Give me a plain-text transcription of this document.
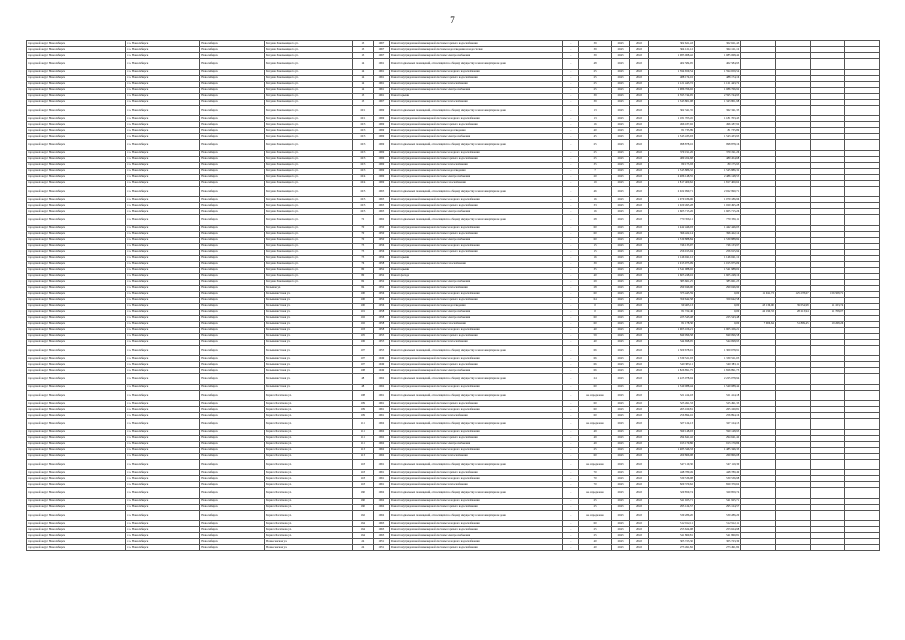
7
городской округ Новосибирск	г.о. Новосибирск	Новосибирск	Богдана Хмельницкого ул.	13	1967	Ремонт внутридомовой инженерной системы горячего водоснабжения	-	39	2043	2043	302 621,43	302 621,43				
городской округ Новосибирск	г.о. Новосибирск	Новосибирск	Богдана Хмельницкого ул.	13	1967	Ремонт внутридомовой инженерной системы водоотведения и водосточки	-	39	2043	2043	364 121,12	364 121,12				
городской округ Новосибирск	г.о. Новосибирск	Новосибирск	Богдана Хмельницкого ул.	13	1967	Ремонт внутридомовой инженерной системы электроснабжения	-	39	2043	2043	1 085 068,42	1 085 068,42				
городской округ Новосибирск	г.о. Новосибирск	Новосибирск	Богдана Хмельницкого ул.	14	1961	Ремонт подвальных помещений, относящихся к общему имуществу в многоквартирном доме	-	48	2043	2043	402 584,95	402 584,95				
городской округ Новосибирск	г.о. Новосибирск	Новосибирск	Богдана Хмельницкого ул.	14	1961	Ремонт внутридомовой инженерной системы холодного водоснабжения	-	25	2043	2043	1 594 659,54	1 594 659,54				
городской округ Новосибирск	г.о. Новосибирск	Новосибирск	Богдана Хмельницкого ул.	14	1961	Ремонт внутридомовой инженерной системы горячего водоснабжения	-	25	2043	2043	488 174,16	488 174,16				
городской округ Новосибирск	г.о. Новосибирск	Новосибирск	Богдана Хмельницкого ул.	14	1961	Ремонт внутридомовой инженерной системы теплоснабжения	-	25	2043	2043	1 121 443,72	1 121 443,72				
городской округ Новосибирск	г.о. Новосибирск	Новосибирск	Богдана Хмельницкого ул.	14	1961	Ремонт внутридомовой инженерной системы электроснабжения	-	25	2043	2043	1 086 766,92	1 086 766,92				
городской округ Новосибирск	г.о. Новосибирск	Новосибирск	Богдана Хмельницкого ул.	15	1961	Ремонт крыши	-	39	2043	2043	2 595 744,95	2 595 744,95				
городской округ Новосибирск	г.о. Новосибирск	Новосибирск	Богдана Хмельницкого ул.	15	1967	Ремонт внутридомовой инженерной системы теплоснабжения	-	39	2043	2043	1 343 801,98	1 343 801,98				
городской округ Новосибирск	г.о. Новосибирск	Новосибирск	Богдана Хмельницкого ул.	16/1	1969	Ремонт подвальных помещений, относящихся к общему имуществу в многоквартирном доме	-	13	2043	2043	362 341,35	362 341,35				
городской округ Новосибирск	г.о. Новосибирск	Новосибирск	Богдана Хмельницкого ул.	16/1	1969	Ремонт внутридомовой инженерной системы холодного водоснабжения	-	13	2043	2043	1 181 703,45	1 181 703,45				
городской округ Новосибирск	г.о. Новосибирск	Новосибирск	Богдана Хмельницкого ул.	16/3	1969	Ремонт внутридомовой инженерной системы горячего водоснабжения	-	16	2043	2043	496 187,92	496 187,92				
городской округ Новосибирск	г.о. Новосибирск	Новосибирск	Богдана Хмельницкого ул.	16/3	1969	Ремонт внутридомовой инженерной системы водоотведения	-	40	2043	2043	81 735,89	81 735,89				
городской округ Новосибирск	г.о. Новосибирск	Новосибирск	Богдана Хмельницкого ул.	16/3	1969	Ремонт внутридомовой инженерной системы электроснабжения	-	45	2043	2043	1 543 433,93	1 543 433,93				
городской округ Новосибирск	г.о. Новосибирск	Новосибирск	Богдана Хмельницкого ул.	16/3	1969	Ремонт подвальных помещений, относящихся к общему имуществу в многоквартирном доме	-	25	2043	2043	998 878,16	998 878,16				
городской округ Новосибирск	г.о. Новосибирск	Новосибирск	Богдана Хмельницкого ул.	16/3	1969	Ремонт внутридомовой инженерной системы холодного водоснабжения	-	25	2043	2043	379 191,26	379 191,26				
городской округ Новосибирск	г.о. Новосибирск	Новосибирск	Богдана Хмельницкого ул.	16/3	1969	Ремонт внутридомовой инженерной системы горячего водоснабжения	-	25	2043	2043	489 454,68	489 454,68				
городской округ Новосибирск	г.о. Новосибирск	Новосибирск	Богдана Хмельницкого ул.	16/3	1969	Ремонт внутридомовой инженерной системы теплоснабжения	-	35	2043	2043	80 175,93	80 175,93				
городской округ Новосибирск	г.о. Новосибирск	Новосибирск	Богдана Хмельницкого ул.	16/3	1969	Ремонт внутридомовой инженерной системы водоотведения	-	7	2043	2043	1 545 886,32	1 545 886,32				
городской округ Новосибирск	г.о. Новосибирск	Новосибирск	Богдана Хмельницкого ул.	16/4	1969	Ремонт внутридомовой инженерной системы электроснабжения	-	20	2043	2043	2 486 148,55	2 486 148,55				
городской округ Новосибирск	г.о. Новосибирск	Новосибирск	Богдана Хмельницкого ул.	16/4	1969	Ремонт внутридомовой инженерной системы газоснабжения	-	19	2043	2043	1 817 400,62	1 817 400,62				
городской округ Новосибирск	г.о. Новосибирск	Новосибирск	Богдана Хмельницкого ул.	16/5	1965	Ремонт подвальных помещений, относящихся к общему имуществу в многоквартирном доме	-	46	2043	2043	2 022 990,71	2 022 990,71				
городской округ Новосибирск	г.о. Новосибирск	Новосибирск	Богдана Хмельницкого ул.	16/5	1965	Ремонт внутридомовой инженерной системы холодного водоснабжения	-	16	2043	2043	1 079 186,96	1 079 186,96				
городской округ Новосибирск	г.о. Новосибирск	Новосибирск	Богдана Хмельницкого ул.	16/5	1965	Ремонт внутридомовой инженерной системы горячего водоснабжения	-	33	2043	2043	1 020 495,28	1 020 495,28				
городской округ Новосибирск	г.о. Новосибирск	Новосибирск	Богдана Хмельницкого ул.	16/5	1965	Ремонт внутридомовой инженерной системы электроснабжения	-	16	2043	2043	1 605 715,26	1 605 715,26				
городской округ Новосибирск	г.о. Новосибирск	Новосибирск	Богдана Хмельницкого ул.	72	1962	Ремонт подвальных помещений, относящихся к общему имуществу в многоквартирном доме	-	28	2043	2043	770 356,11	770 356,11				
городской округ Новосибирск	г.о. Новосибирск	Новосибирск	Богдана Хмельницкого ул.	70	1950	Ремонт внутридомовой инженерной системы холодного водоснабжения	-	60	2043	2043	1 442 446,03	1 442 446,03				
городской округ Новосибирск	г.о. Новосибирск	Новосибирск	Богдана Хмельницкого ул.	70	1950	Ремонт внутридомовой инженерной системы горячего водоснабжения	-	60	2043	2043	396 422,14	396 422,14				
городской округ Новосибирск	г.о. Новосибирск	Новосибирск	Богдана Хмельницкого ул.	70	1950	Ремонт внутридомовой инженерной системы электроснабжения	-	60	2043	2043	1 539 888,84	1 539 888,84				
городской округ Новосибирск	г.о. Новосибирск	Новосибирск	Богдана Хмельницкого ул.	75	1956	Ремонт внутридомовой инженерной системы холодного водоснабжения	-	15	2043	2043	746 133,97	746 133,97				
городской округ Новосибирск	г.о. Новосибирск	Новосибирск	Богдана Хмельницкого ул.	75	1956	Ремонт внутридомовой инженерной системы горячего водоснабжения	-	15	2043	2043	256 915,94	256 915,94				
городской округ Новосибирск	г.о. Новосибирск	Новосибирск	Богдана Хмельницкого ул.	75	1956	Ремонт крыши	-	16	2043	2043	1 146 041,12	1 146 041,12				
городской округ Новосибирск	г.о. Новосибирск	Новосибирск	Богдана Хмельницкого ул.	76	1958	Ремонт внутридомовой инженерной системы газоснабжения	-	39	2043	2043	1 015 975,09	1 015 975,09				
городской округ Новосибирск	г.о. Новосибирск	Новосибирск	Богдана Хмельницкого ул.	80	1952	Ремонт крыши	-	35	2043	2043	1 541 988,02	1 541 988,02				
городской округ Новосибирск	г.о. Новосибирск	Новосибирск	Богдана Хмельницкого ул.	80	1952	Ремонт фасада	-	40	2043	2043	1 605 248,16	1 605 248,16				
городской округ Новосибирск	г.о. Новосибирск	Новосибирск	Богдана Хмельницкого ул.	82	1952	Ремонт внутридомовой инженерной системы электроснабжения	-	29	2043	2043	385 661,25	385 661,25				
городской округ Новосибирск	г.о. Новосибирск	Новосибирск	Большая ул.	84	1952	Ремонт внутридомовой инженерной системы теплоснабжения	-	28	2043	2043	299 046,90	299 046,90				
городской округ Новосибирск	г.о. Новосибирск	Новосибирск	Большевистская ул.	100	1956	Ремонт внутридомовой инженерной системы холодного водоснабжения	-	60	2043	2043	373 445,59	0,00	11 941,73	125 278,67	156 508,71	
городской округ Новосибирск	г.о. Новосибирск	Новосибирск	Большевистская ул.	100	1956	Ремонт внутридомовой инженерной системы горячего водоснабжения	-	64	2043	2043	359 642,58	359 642,58				
городской округ Новосибирск	г.о. Новосибирск	Новосибирск	Большевистская ул.	100	1956	Ремонт внутридомовой инженерной системы водоотведения	-	0	2043	2043	90 465,13	0,00	45 136,00	39 054,98	11 103,74	
городской округ Новосибирск	г.о. Новосибирск	Новосибирск	Большевистская ул.	101	1958	Ремонт внутридомовой инженерной системы электроснабжения	-	0	2043	2043	81 722,46	0,00	42 190,33	28 213,94	11 708,07	
городской округ Новосибирск	г.о. Новосибирск	Новосибирск	Большевистская ул.	102	1958	Ремонт внутридомовой инженерной системы электроснабжения	-	60	2043	2043	225 543,48	225 543,48				
городской округ Новосибирск	г.о. Новосибирск	Новосибирск	Большевистская ул.	102	1958	Ремонт внутридомовой инженерной системы газоснабжения	-	60	2043	2043	81 178,50	0,00	7 906,64	51 899,45	19 268,26	
городской округ Новосибирск	г.о. Новосибирск	Новосибирск	Большевистская ул.	103	1958	Ремонт внутридомовой инженерной системы холодного водоснабжения	-	40	2043	2043	1 905 106,21	1 905 106,21				
городской округ Новосибирск	г.о. Новосибирск	Новосибирск	Большевистская ул.	105	1955	Ремонт внутридомовой инженерной системы горячего водоснабжения	-	59	2043	2043	849 096,58	849 096,58				
городской округ Новосибирск	г.о. Новосибирск	Новосибирск	Большевистская ул.	106	1955	Ремонт внутридомовой инженерной системы теплоснабжения	-	40	2043	2043	544 698,95	544 698,95				
городской округ Новосибирск	г.о. Новосибирск	Новосибирск	Большевистская ул.	107	1955	Ремонт подвальных помещений, относящихся к общему имуществу в многоквартирном доме	-	66	2043	2043	1 309 678,91	1 309 678,91				
городской округ Новосибирск	г.о. Новосибирск	Новосибирск	Большевистская ул.	107	1949	Ремонт внутридомовой инженерной системы холодного водоснабжения	-	66	2043	2043	1 339 521,03	1 339 521,03				
городской округ Новосибирск	г.о. Новосибирск	Новосибирск	Большевистская ул.	107	1949	Ремонт внутридомовой инженерной системы горячего водоснабжения	-	66	2043	2043	540 383,11	540 383,11				
городской округ Новосибирск	г.о. Новосибирск	Новосибирск	Большевистская ул.	108	1949	Ремонт внутридомовой инженерной системы электроснабжения	-	66	2043	2043	1 826 891,75	1 826 891,75				
городской округ Новосибирск	г.о. Новосибирск	Новосибирск	Большевистская ул.	48	1962	Ремонт подвальных помещений, относящихся к общему имуществу в многоквартирном доме	-	24	2043	2043	2 225 078,94	2 225 078,94				
городской округ Новосибирск	г.о. Новосибирск	Новосибирск	Большевистская ул.	48	1962	Ремонт внутридомовой инженерной системы холодного водоснабжения	-	60	2043	2043	1 540 088,44	1 540 088,44				
городской округ Новосибирск	г.о. Новосибирск	Новосибирск	Бориса Богаткова ул.	108	1961	Ремонт подвальных помещений, относящихся к общему имуществу в многоквартирном доме	-	не определено	2043	2043	521 414,18	521 414,18				
городской округ Новосибирск	г.о. Новосибирск	Новосибирск	Бориса Богаткова ул.	109	1961	Ремонт внутридомовой инженерной системы горячего водоснабжения	-	60	2043	2043	525 491,33	525 491,33				
городской округ Новосибирск	г.о. Новосибирск	Новосибирск	Бориса Богаткова ул.	109	1961	Ремонт внутридомовой инженерной системы холодного водоснабжения	-	60	2043	2043	265 160,81	265 160,81				
городской округ Новосибирск	г.о. Новосибирск	Новосибирск	Бориса Богаткова ул.	109	1961	Ремонт внутридомовой инженерной системы теплоснабжения	-	60	2043	2043	256 894,16	256 894,16				
городской округ Новосибирск	г.о. Новосибирск	Новосибирск	Бориса Богаткова ул.	111	1962	Ремонт подвальных помещений, относящихся к общему имуществу в многоквартирном доме	-	не определено	2043	2043	327 124,13	327 124,13				
городской округ Новосибирск	г.о. Новосибирск	Новосибирск	Бориса Богаткова ул.	111	1962	Ремонт внутридомовой инженерной системы холодного водоснабжения	-	49	2043	2043	599 148,93	599 148,93				
городской округ Новосибирск	г.о. Новосибирск	Новосибирск	Бориса Богаткова ул.	111	1962	Ремонт внутридомовой инженерной системы горячего водоснабжения	-	49	2043	2043	294 641,42	294 641,42				
городской округ Новосибирск	г.о. Новосибирск	Новосибирск	Бориса Богаткова ул.	111	1962	Ремонт внутридомовой инженерной системы электроснабжения	-	49	2043	2043	913 179,86	913 179,86				
городской округ Новосибирск	г.о. Новосибирск	Новосибирск	Бориса Богаткова ул.	113	1962	Ремонт внутридомовой инженерной системы холодного водоснабжения	-	25	2043	2043	1 485 346,33	1 485 346,33				
городской округ Новосибирск	г.о. Новосибирск	Новосибирск	Бориса Богаткова ул.	113	1962	Ремонт внутридомовой инженерной системы теплоснабжения	-	60	2043	2043	269 866,08	269 866,08				
городской округ Новосибирск	г.о. Новосибирск	Новосибирск	Бориса Богаткова ул.	118	1961	Ремонт подвальных помещений, относящихся к общему имуществу в многоквартирном доме	-	не определено	2043	2043	547 119,30	547 119,30				
городской округ Новосибирск	г.о. Новосибирск	Новосибирск	Бориса Богаткова ул.	118	1961	Ремонт внутридомовой инженерной системы горячего водоснабжения	-	70	2043	2043	448 780,49	448 780,49				
городской округ Новосибирск	г.о. Новосибирск	Новосибирск	Бориса Богаткова ул.	118	1961	Ремонт внутридомовой инженерной системы холодного водоснабжения	-	70	2043	2043	530 536,98	530 536,98				
городской округ Новосибирск	г.о. Новосибирск	Новосибирск	Бориса Богаткова ул.	118	1961	Ремонт внутридомовой инженерной системы теплоснабжения	-	70	2043	2043	829 370,62	829 370,62				
городской округ Новосибирск	г.о. Новосибирск	Новосибирск	Бориса Богаткова ул.	160	1962	Ремонт подвальных помещений, относящихся к общему имуществу в многоквартирном доме	-	не определено	2043	2043	329 859,74	329 859,74				
городской округ Новосибирск	г.о. Новосибирск	Новосибирск	Бориса Богаткова ул.	160	1962	Ремонт внутридомовой инженерной системы холодного водоснабжения	-	25	2043	2043	541 925,71	541 925,71				
городской округ Новосибирск	г.о. Новосибирск	Новосибирск	Бориса Богаткова ул.	160	1962	Ремонт внутридомовой инженерной системы горячего водоснабжения	-	25	2043	2043	295 124,57	295 124,57				
городской округ Новосибирск	г.о. Новосибирск	Новосибирск	Бориса Богаткова ул.	162	1962	Ремонт подвальных помещений, относящихся к общему имуществу в многоквартирном доме	-	не определено	2043	2043	539 286,20	539 286,20				
городской округ Новосибирск	г.о. Новосибирск	Новосибирск	Бориса Богаткова ул.	164	1963	Ремонт внутридомовой инженерной системы холодного водоснабжения	-	60	2043	2043	512 912,11	512 912,11				
городской округ Новосибирск	г.о. Новосибирск	Новосибирск	Бориса Богаткова ул.	164	1963	Ремонт внутридомовой инженерной системы горячего водоснабжения	-	25	2043	2043	253 624,98	253 624,98				
городской округ Новосибирск	г.о. Новосибирск	Новосибирск	Бориса Богаткова ул.	164	1963	Ремонт внутридомовой инженерной системы электроснабжения	-	25	2043	2043	541 860,81	541 860,81				
городской округ Новосибирск	г.о. Новосибирск	Новосибирск	Вознесенская ул.	24	1951	Ремонт внутридомовой инженерной системы холодного водоснабжения	-	40	2043	2043	305 723,30	305 723,30				
городской округ Новосибирск	г.о. Новосибирск	Новосибирск	Вознесенская ул.	24	1951	Ремонт внутридомовой инженерной системы горячего водоснабжения	-	40	2043	2043	273 491,82	273 491,82				
